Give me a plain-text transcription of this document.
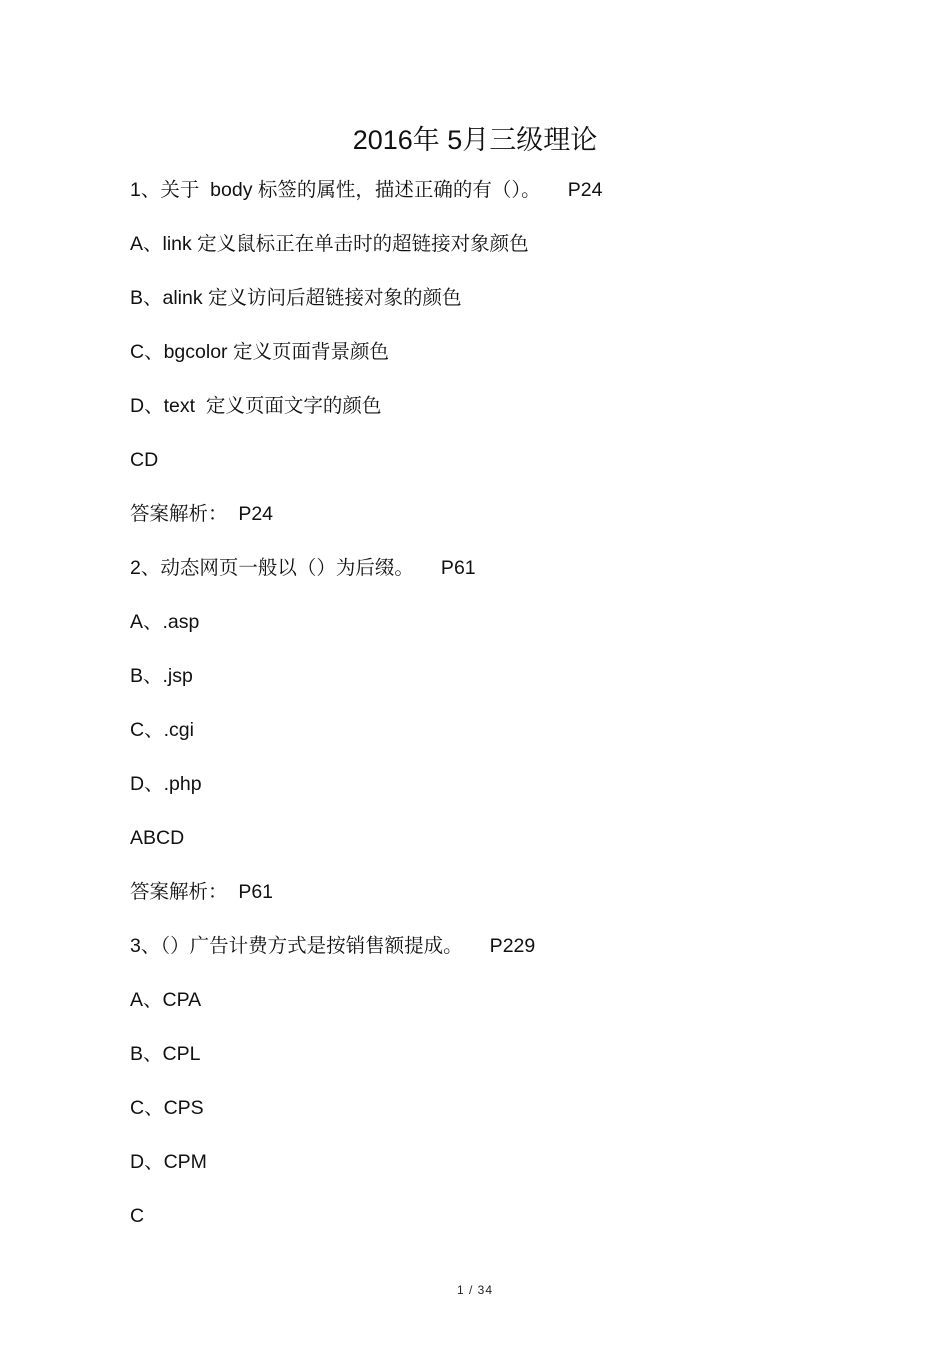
2016年 5月三级理论
1、关于  body 标签的属性，描述正确的有（）。     P24
A、link 定义鼠标正在单击时的超链接对象颜色
B、alink 定义访问后超链接对象的颜色
C、bgcolor 定义页面背景颜色
D、text  定义页面文字的颜色
CD
答案解析：  P24
2、动态网页一般以（）为后缀。     P61
A、.asp
B、.jsp
C、.cgi
D、.php
ABCD
答案解析：  P61
3、（）广告计费方式是按销售额提成。     P229
A、CPA
B、CPL
C、CPS
D、CPM
C
1 / 34
